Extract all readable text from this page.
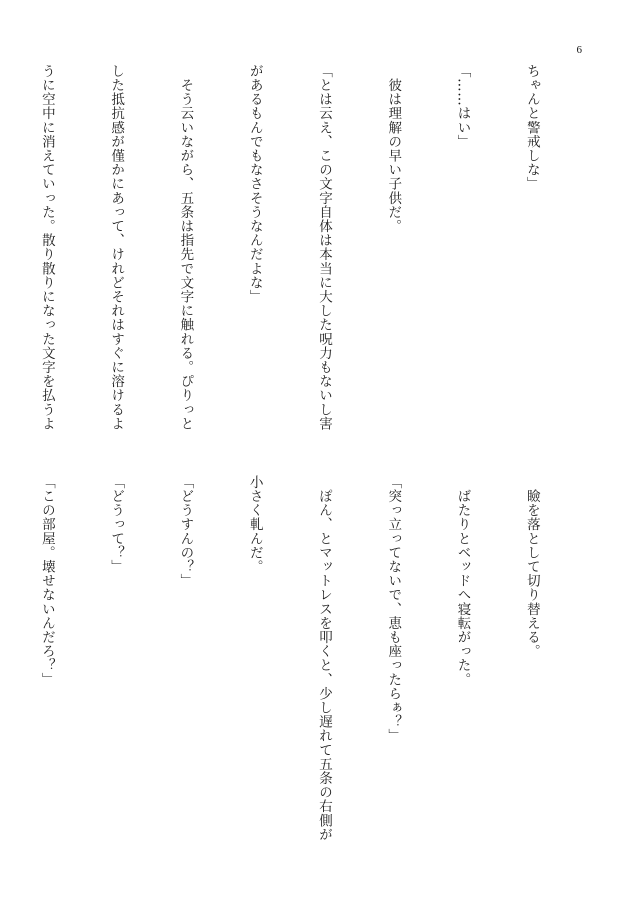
6

ちゃんと警戒しな」

「……はい」

　彼は理解の早い子供だ。

「とは云え、この文字自体は本当に大した呪力もないし害

があるもんでもなさそうなんだよな」

　そう云いながら、五条は指先で文字に触れる。ぴりっと

した抵抗感が僅かにあって、けれどそれはすぐに溶けるよ

うに空中に消えていった。散り散りになった文字を払うよ

　瞼を落として切り替える。

　ばたりとベッドへ寝転がった。

「突っ立ってないで、恵も座ったらぁ？」

　ぽん、とマットレスを叩くと、少し遅れて五条の右側が

小さく軋んだ。

「どうすんの？」

「どうって？」

「この部屋。壊せないんだろ？」
